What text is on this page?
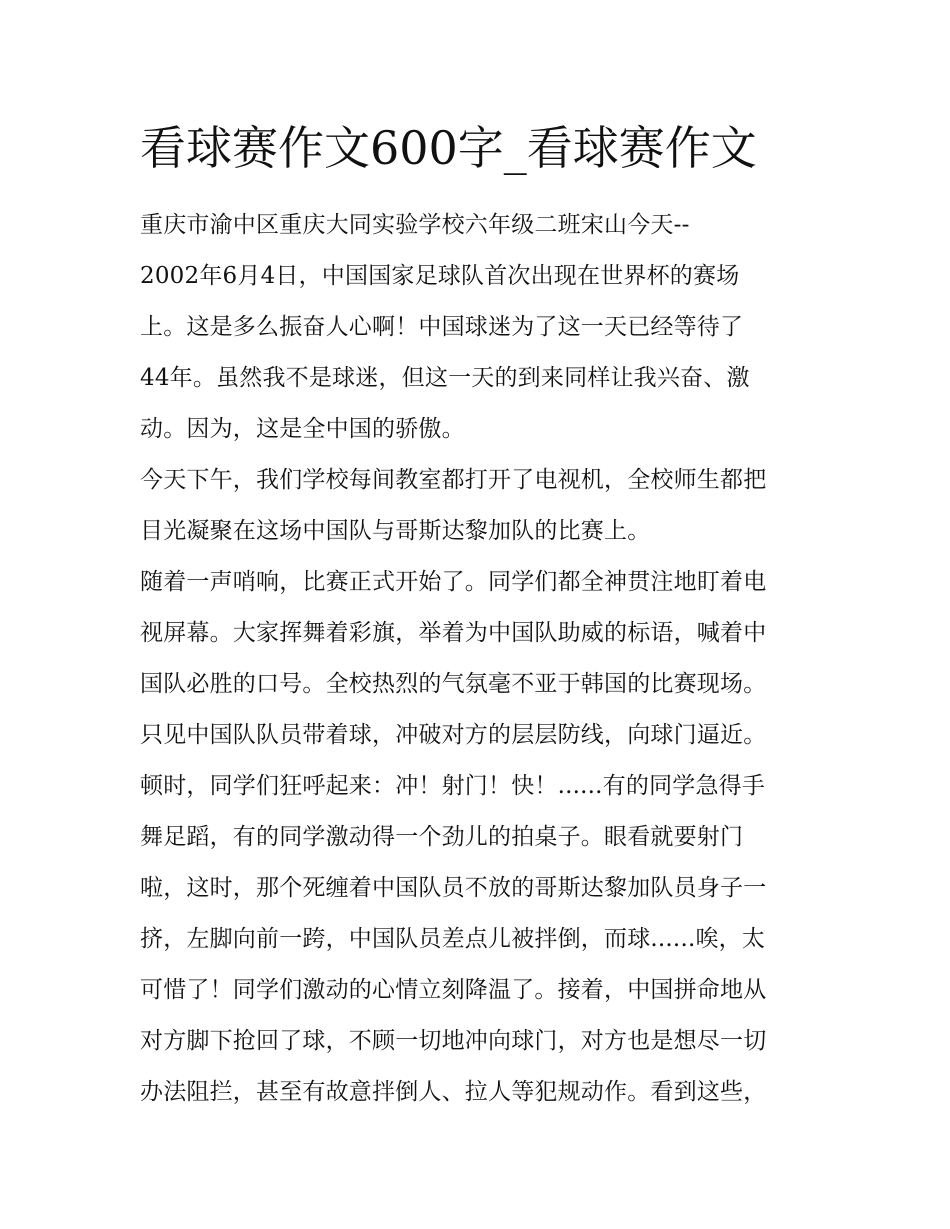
看球赛作文600字_看球赛作文
重庆市渝中区重庆大同实验学校六年级二班宋山今天--
2002年6月4日，中国国家足球队首次出现在世界杯的赛场
上。这是多么振奋人心啊！中国球迷为了这一天已经等待了
44年。虽然我不是球迷，但这一天的到来同样让我兴奋、激
动。因为，这是全中国的骄傲。
今天下午，我们学校每间教室都打开了电视机，全校师生都把
目光凝聚在这场中国队与哥斯达黎加队的比赛上。
随着一声哨响，比赛正式开始了。同学们都全神贯注地盯着电
视屏幕。大家挥舞着彩旗，举着为中国队助威的标语，喊着中
国队必胜的口号。全校热烈的气氛毫不亚于韩国的比赛现场。
只见中国队队员带着球，冲破对方的层层防线，向球门逼近。
顿时，同学们狂呼起来：冲！射门！快！......有的同学急得手
舞足蹈，有的同学激动得一个劲儿的拍桌子。眼看就要射门
啦，这时，那个死缠着中国队员不放的哥斯达黎加队员身子一
挤，左脚向前一跨，中国队员差点儿被拌倒，而球......唉，太
可惜了！同学们激动的心情立刻降温了。接着，中国拼命地从
对方脚下抢回了球，不顾一切地冲向球门，对方也是想尽一切
办法阻拦，甚至有故意拌倒人、拉人等犯规动作。看到这些，
